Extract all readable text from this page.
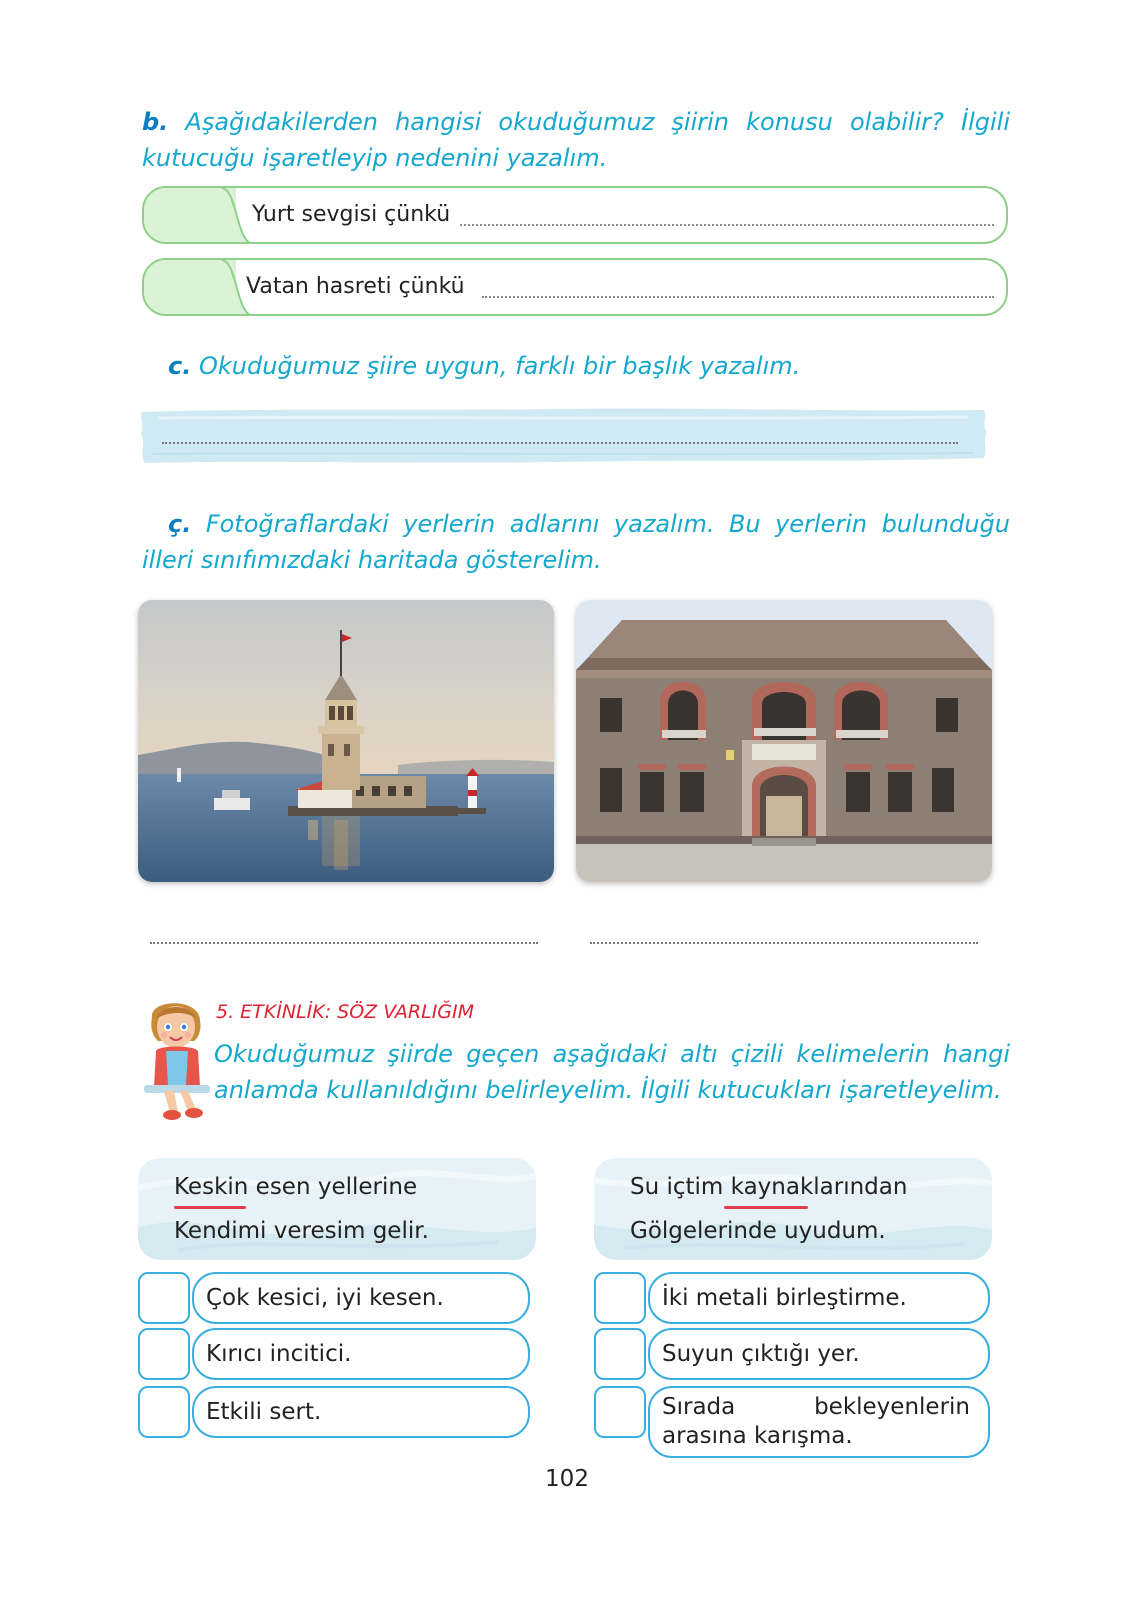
b. Aşağıdakilerden hangisi okuduğumuz şiirin konusu olabilir? İlgili kutucuğu işaretleyip nedenini yazalım.
Yurt sevgisi çünkü
Vatan hasreti çünkü
c. Okuduğumuz şiire uygun, farklı bir başlık yazalım.
ç. Fotoğraflardaki yerlerin adlarını yazalım. Bu yerlerin bulunduğu illeri sınıfımızdaki haritada gösterelim.
5. ETKİNLİK: SÖZ VARLIĞIM
Okuduğumuz şiirde geçen aşağıdaki altı çizili kelimelerin hangi anlamda kullanıldığını belirleyelim. İlgili kutucukları işaretleyelim.
Keskin esen yellerine
Kendimi veresim gelir.
Su içtim kaynaklarından
Gölgelerinde uyudum.
Çok kesici, iyi kesen.
Kırıcı incitici.
Etkili sert.
İki metali birleştirme.
Suyun çıktığı yer.
Sırada bekleyenlerin arasına karışma.
102
